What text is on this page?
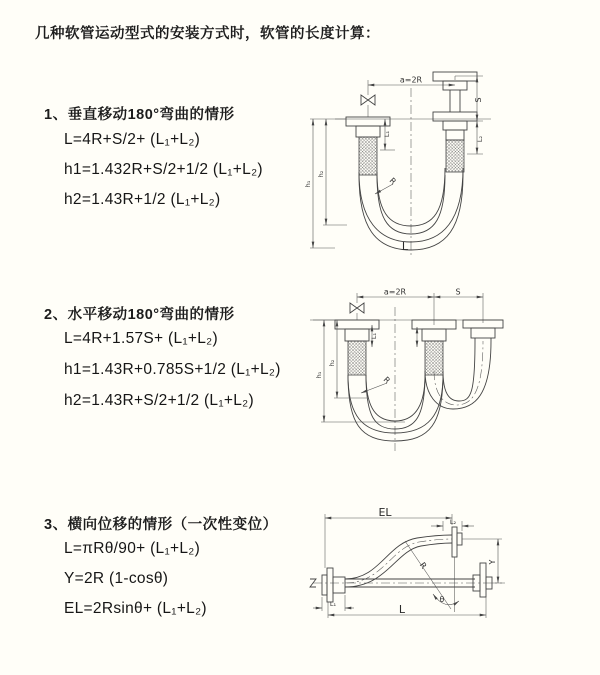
几种软管运动型式的安装方式时，软管的长度计算：
1、垂直移动180°弯曲的情形
L=4R+S/2+ (L₁+L₂)
h1=1.432R+S/2+1/2 (L₁+L₂)
h2=1.43R+1/2 (L₁+L₂)
a=2R
S
L₂
h₁
h₂
L₁
R
L
2、水平移动180°弯曲的情形
L=4R+1.57S+ (L₁+L₂)
h1=1.43R+0.785S+1/2 (L₁+L₂)
h2=1.43R+S/2+1/2 (L₁+L₂)
a=2R	S
h₁
h₂
L₁
R
3、横向位移的情形（一次性变位）
L=πRθ/90+ (L₁+L₂)
Y=2R (1-cosθ)
EL=2Rsinθ+ (L₁+L₂)
EL
L₂
R
θ
Y
L₁	L
